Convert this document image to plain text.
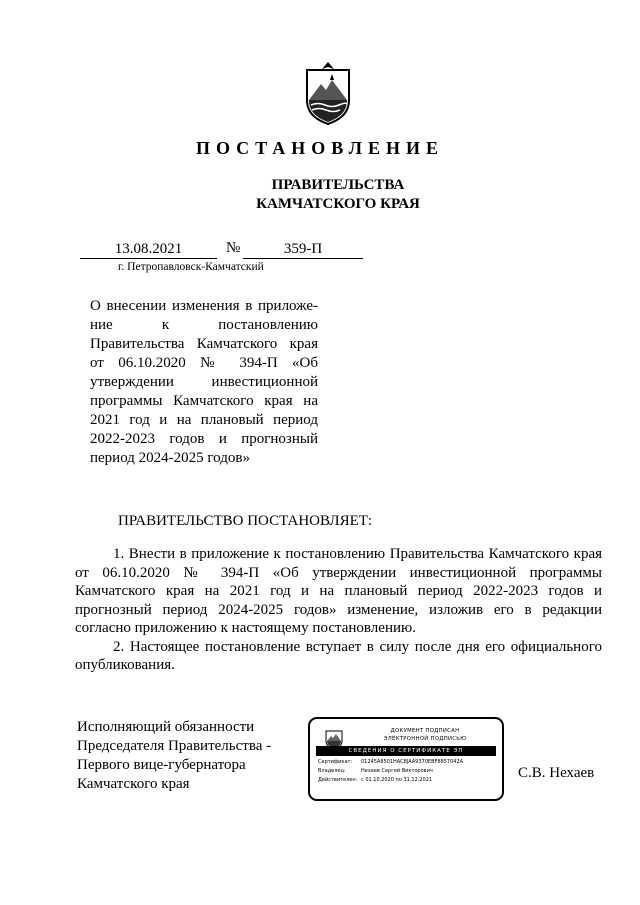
ПОСТАНОВЛЕНИЕ
ПРАВИТЕЛЬСТВА
КАМЧАТСКОГО КРАЯ
13.08.2021	№	359-П
г. Петропавловск-Камчатский
О внесении изменения в приложе-ние к постановлению Правительства Камчатского края от 06.10.2020 № 394-П «Об утверждении инвестиционной программы Камчатского края на 2021 год и на плановый период 2022-2023 годов и прогнозный период 2024-2025 годов»
ПРАВИТЕЛЬСТВО ПОСТАНОВЛЯЕТ:

1. Внести в приложение к постановлению Правительства Камчатского края от 06.10.2020 № 394-П «Об утверждении инвестиционной программы Камчатского края на 2021 год и на плановый период 2022-2023 годов и прогнозный период 2024-2025 годов» изменение, изложив его в редакции согласно приложению к настоящему постановлению.

2. Настоящее постановление вступает в силу после дня его официального опубликования.

Исполняющий обязанности
Председателя Правительства -
Первого вице-губернатора
Камчатского края
ДОКУМЕНТ ПОДПИСАН
ЭЛЕКТРОННОЙ ПОДПИСЬЮ
СВЕДЕНИЯ О СЕРТИФИКАТЕ ЭП
Сертификат: 01245A8501HAC8JAA9370EBF8857042A
Владелец:	Нехаев Сергей Викторович
Действителен: с 01.10.2020 по 31.12.2021	С.В. Нехаев
